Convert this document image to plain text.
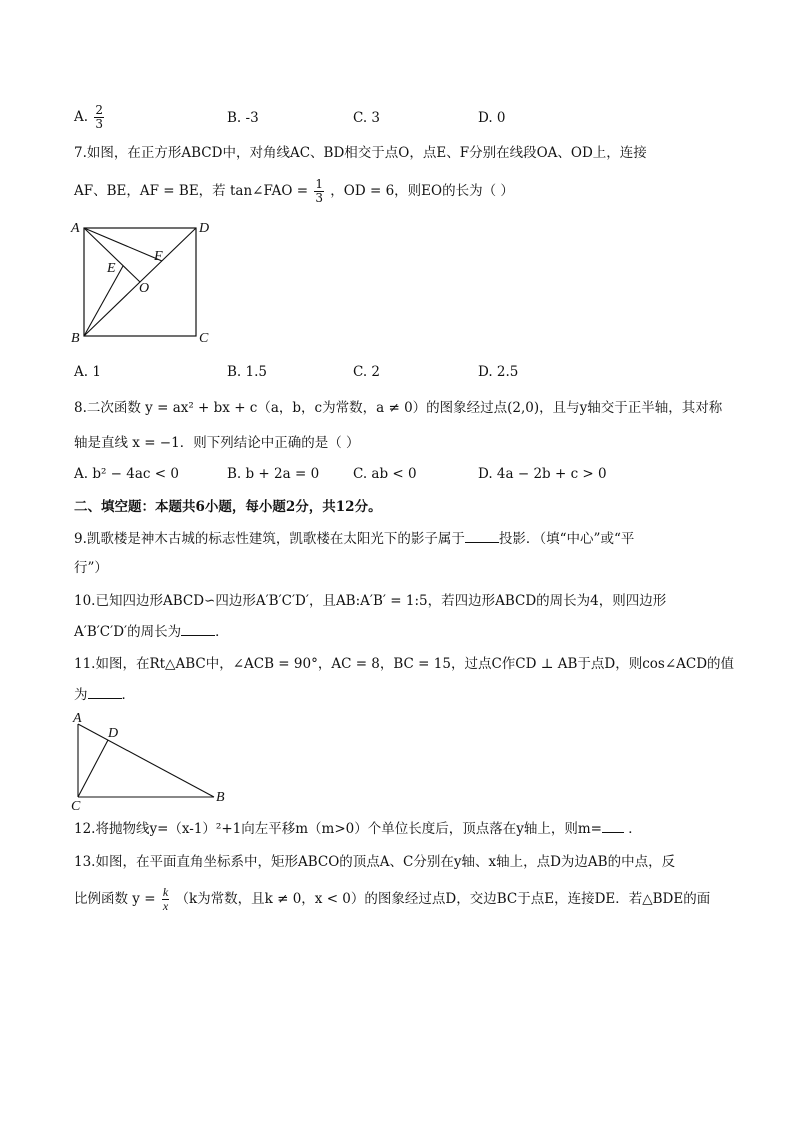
A. $\frac{2}{3}$	B. -3	C. 3	D. 0
7.如图，在正方形ABCD中，对角线AC、BD相交于点O，点E、F分别在线段OA、OD上，连接
AF、BE，AF = BE，若 tan∠FAO = $\frac{1}{3}$ ，OD = 6，则EO的长为（ ）
A	D
B	C
E
F
O
A. 1	B. 1.5	C. 2	D. 2.5
8.二次函数 y = ax² + bx + c（a，b，c为常数，a ≠ 0）的图象经过点(2,0)，且与y轴交于正半轴，其对称
轴是直线 x = −1．则下列结论中正确的是（ ）
A. b² − 4ac < 0	B. b + 2a = 0	C. ab < 0	D. 4a − 2b + c > 0
二、填空题：本题共6小题，每小题2分，共12分。
9.凯歌楼是神木古城的标志性建筑，凯歌楼在太阳光下的影子属于	投影．（填“中心”或“平
行”）
10.已知四边形ABCD∽四边形A′B′C′D′，且AB:A′B′ = 1:5，若四边形ABCD的周长为4，则四边形
A′B′C′D′的周长为	．
11.如图，在Rt△ABC中，∠ACB = 90°，AC = 8，BC = 15，过点C作CD ⊥ AB于点D，则cos∠ACD的值
为	．
A
D
C
B
12.将抛物线y=（x-1）²+1向左平移m（m>0）个单位长度后，顶点落在y轴上，则m= ．
13.如图，在平面直角坐标系中，矩形ABCO的顶点A、C分别在y轴、x轴上，点D为边AB的中点，反
比例函数 $y = \frac{k}{x} (k$为常数，且k ≠ 0，x < 0）的图象经过点D，交边BC于点E，连接DE．若△BDE的面
